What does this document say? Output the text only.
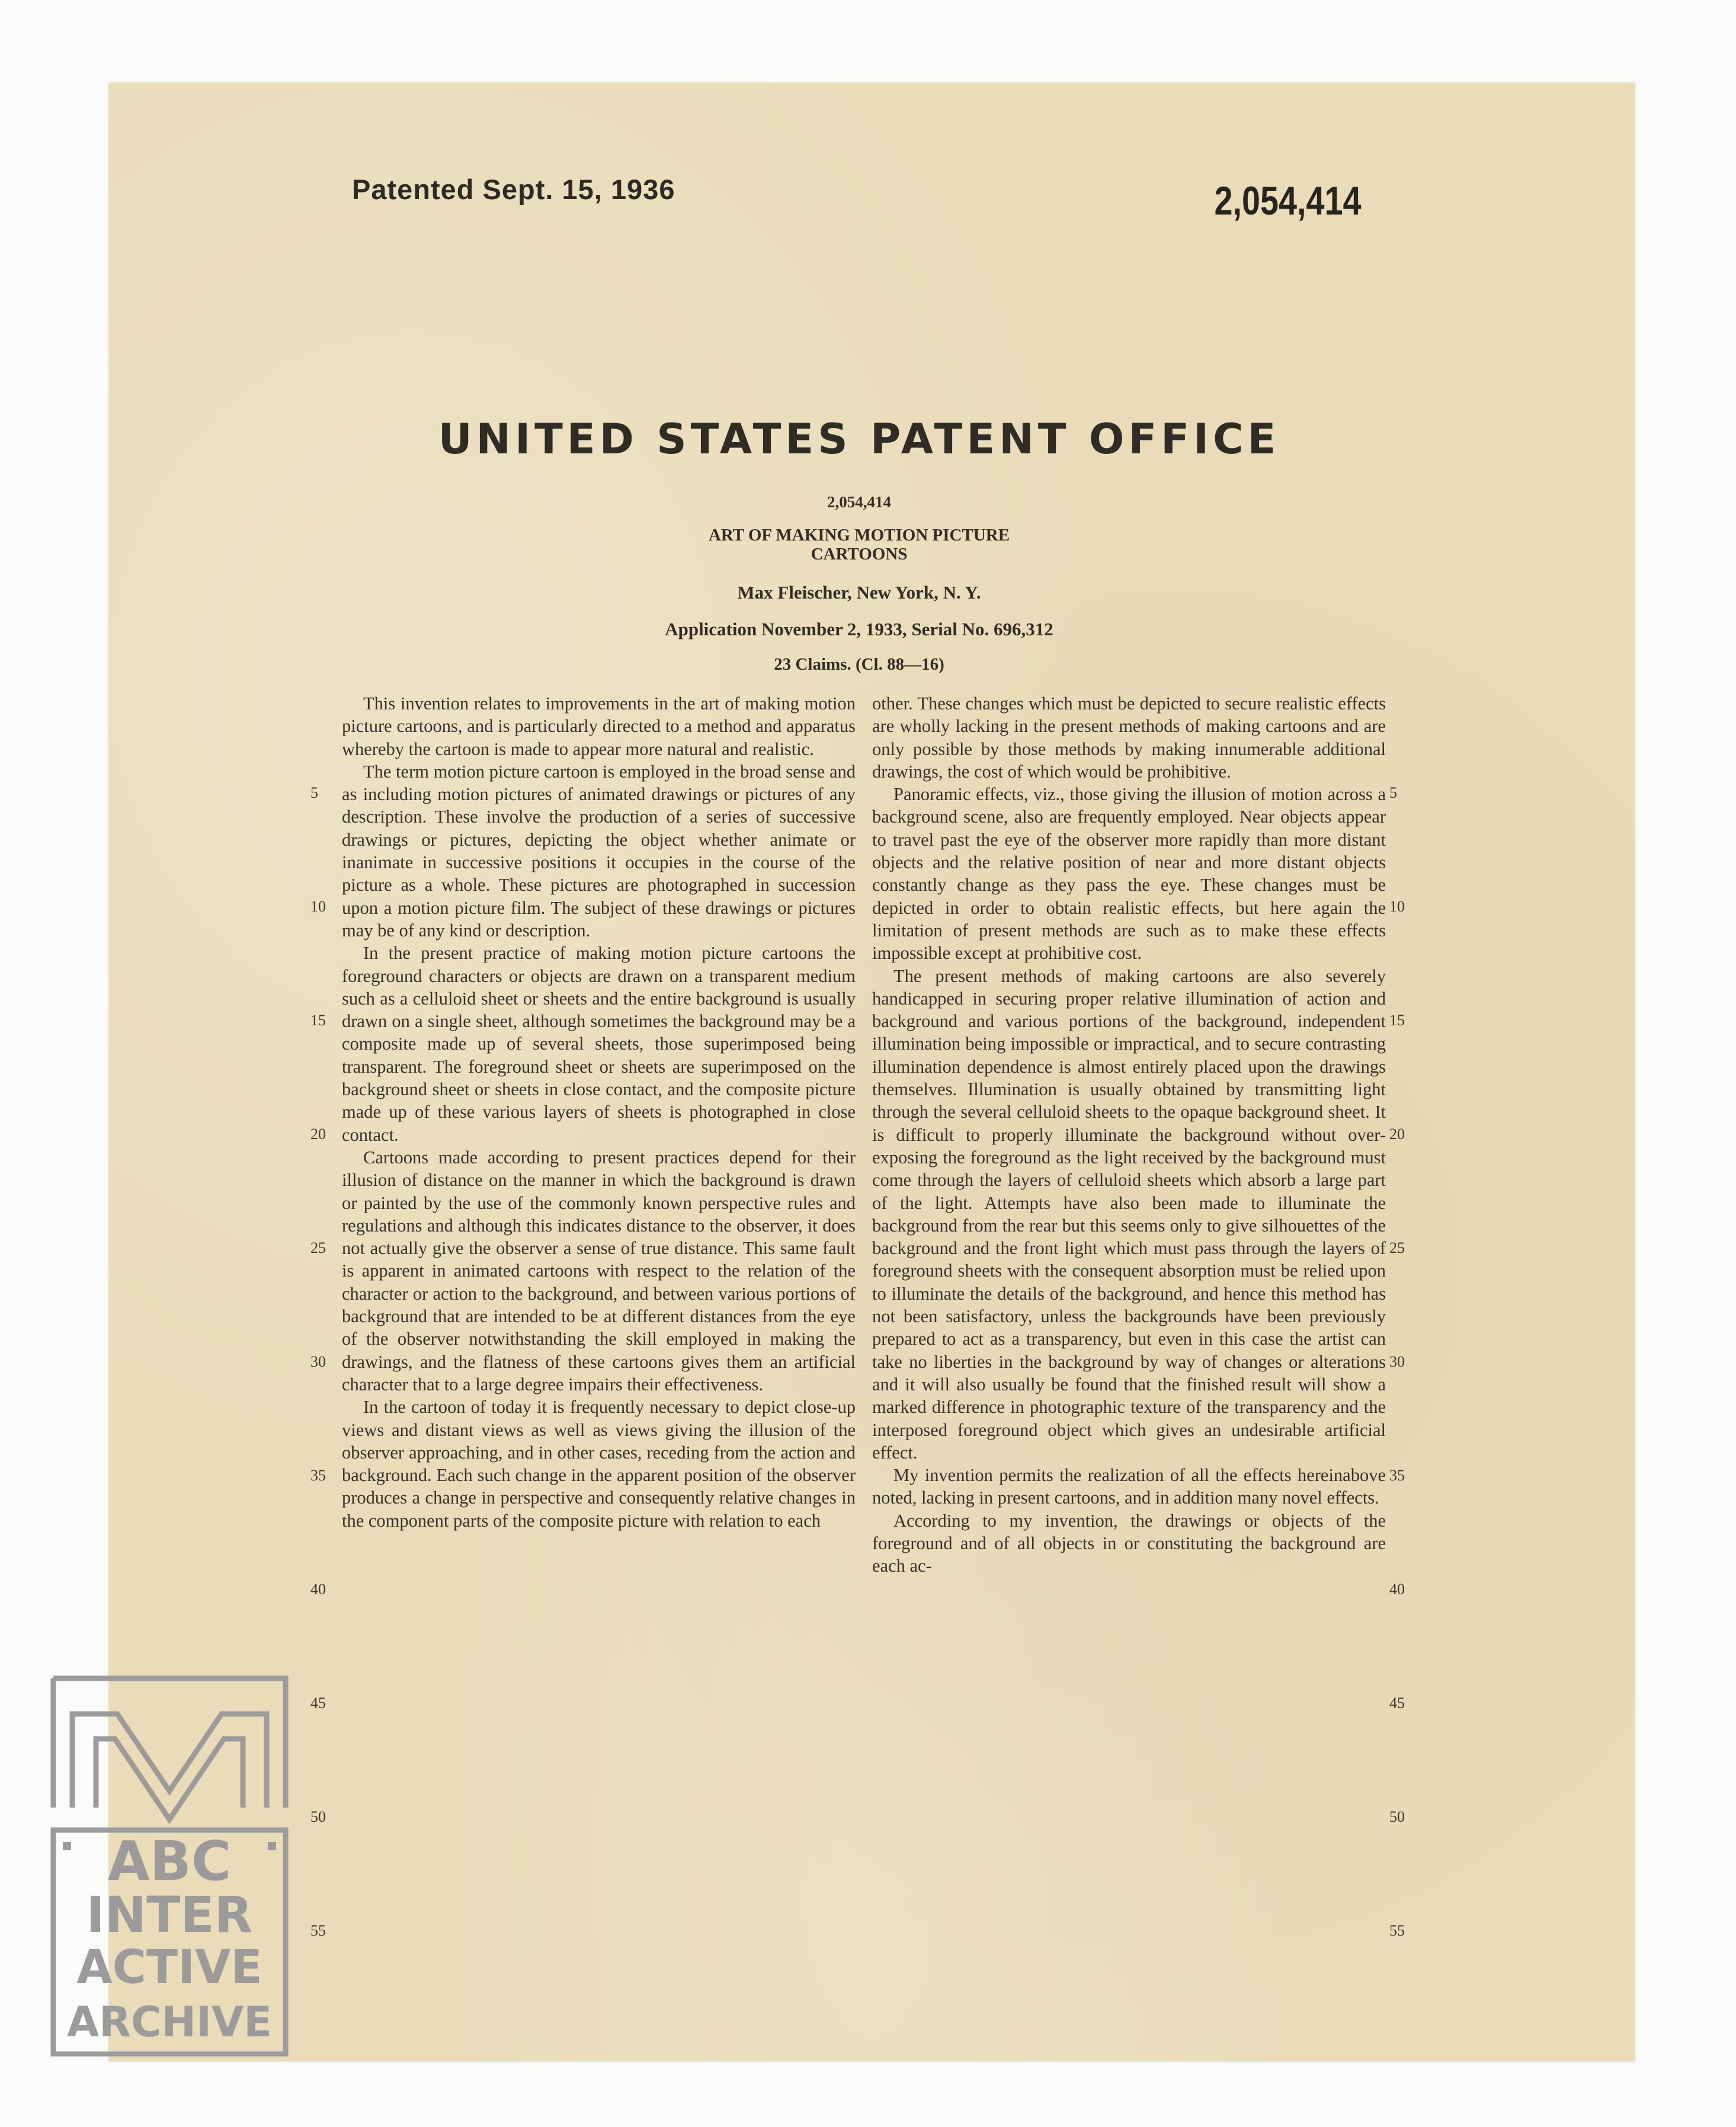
Patented Sept. 15, 1936	2,054,414
UNITED STATES PATENT OFFICE
2,054,414
ART OF MAKING MOTION PICTURE
CARTOONS
Max Fleischer, New York, N. Y.
Application November 2, 1933, Serial No. 696,312
23 Claims. (Cl. 88—16)

This invention relates to improvements in the art of making motion picture cartoons, and is particularly directed to a method and apparatus whereby the cartoon is made to appear more natural and realistic.

The term motion picture cartoon is employed in the broad sense and as including motion pictures of animated drawings or pictures of any description. These involve the production of a series of successive drawings or pictures, depicting the object whether animate or inanimate in successive positions it occupies in the course of the picture as a whole. These pictures are photographed in succession upon a motion picture film. The subject of these drawings or pictures may be of any kind or description.

In the present practice of making motion picture cartoons the foreground characters or objects are drawn on a transparent medium such as a celluloid sheet or sheets and the entire background is usually drawn on a single sheet, although sometimes the background may be a composite made up of several sheets, those superimposed being transparent. The foreground sheet or sheets are superimposed on the background sheet or sheets in close contact, and the composite picture made up of these various layers of sheets is photographed in close contact.

Cartoons made according to present practices depend for their illusion of distance on the manner in which the background is drawn or painted by the use of the commonly known perspective rules and regulations and although this indicates distance to the observer, it does not actually give the observer a sense of true distance. This same fault is apparent in animated cartoons with respect to the relation of the character or action to the background, and between various portions of background that are intended to be at different distances from the eye of the observer notwithstanding the skill employed in making the drawings, and the flatness of these cartoons gives them an artificial character that to a large degree impairs their effectiveness.

In the cartoon of today it is frequently necessary to depict close-up views and distant views as well as views giving the illusion of the observer approaching, and in other cases, receding from the action and background. Each such change in the apparent position of the observer produces a change in perspective and consequently relative changes in the component parts of the composite picture with relation to each

other. These changes which must be depicted to secure realistic effects are wholly lacking in the present methods of making cartoons and are only possible by those methods by making innumerable additional drawings, the cost of which would be prohibitive.

Panoramic effects, viz., those giving the illusion of motion across a background scene, also are frequently employed. Near objects appear to travel past the eye of the observer more rapidly than more distant objects and the relative position of near and more distant objects constantly change as they pass the eye. These changes must be depicted in order to obtain realistic effects, but here again the limitation of present methods are such as to make these effects impossible except at prohibitive cost.

The present methods of making cartoons are also severely handicapped in securing proper relative illumination of action and background and various portions of the background, independent illumination being impossible or impractical, and to secure contrasting illumination dependence is almost entirely placed upon the drawings themselves. Illumination is usually obtained by transmitting light through the several celluloid sheets to the opaque background sheet. It is difficult to properly illuminate the background without over-exposing the foreground as the light received by the background must come through the layers of celluloid sheets which absorb a large part of the light. Attempts have also been made to illuminate the background from the rear but this seems only to give silhouettes of the background and the front light which must pass through the layers of foreground sheets with the consequent absorption must be relied upon to illuminate the details of the background, and hence this method has not been satisfactory, unless the backgrounds have been previously prepared to act as a transparency, but even in this case the artist can take no liberties in the background by way of changes or alterations and it will also usually be found that the finished result will show a marked difference in photographic texture of the transparency and the interposed foreground object which gives an undesirable artificial effect.

My invention permits the realization of all the effects hereinabove noted, lacking in present cartoons, and in addition many novel effects.

According to my invention, the drawings or objects of the foreground and of all objects in or constituting the background are each ac-

5
10
15
20
25
30
35
40
45
50
55
5
10
15
20
25
30
35
40
45
50
55
ABC
INTER
ACTIVE
ARCHIVE
